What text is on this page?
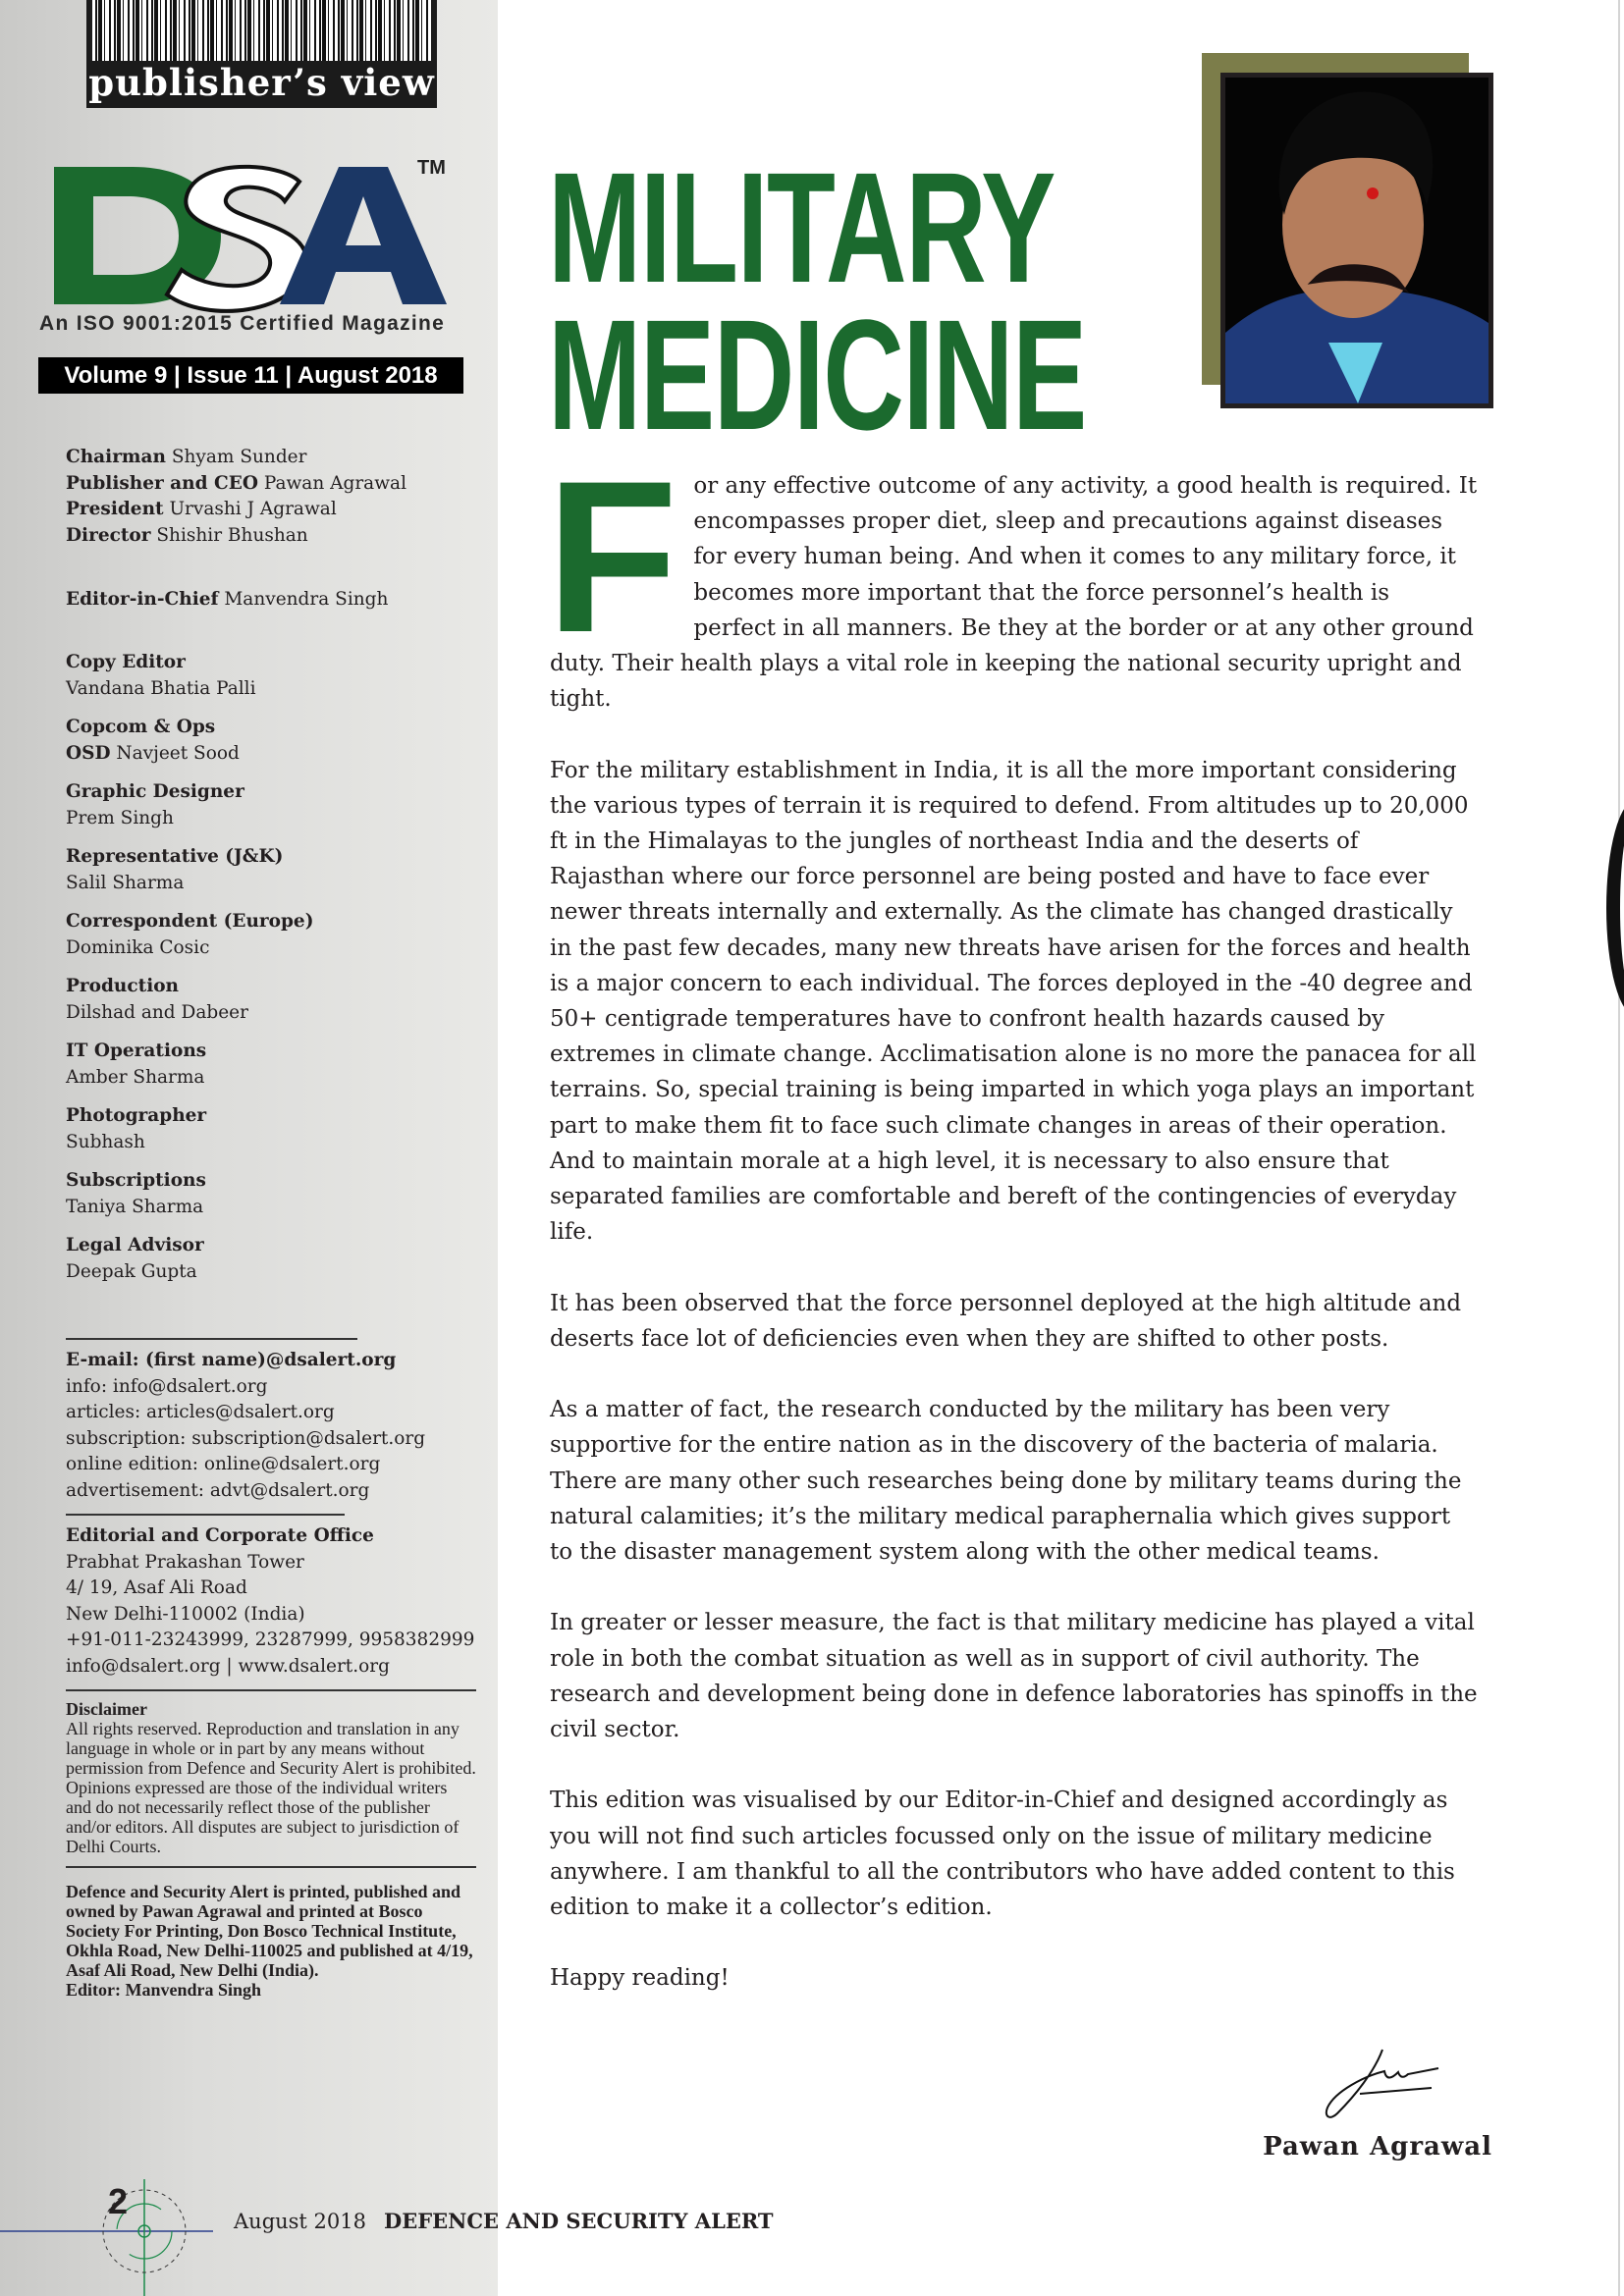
publisher’s view
TM
An ISO 9001:2015 Certified Magazine
Volume 9 | Issue 11 | August 2018
Chairman Shyam Sunder
Publisher and CEO Pawan Agrawal
President Urvashi J Agrawal
Director Shishir Bhushan
Editor-in-Chief Manvendra Singh
Copy Editor
Vandana Bhatia Palli
Copcom & Ops
OSD Navjeet Sood
Graphic Designer
Prem Singh
Representative (J&K)
Salil Sharma
Correspondent (Europe)
Dominika Cosic
Production
Dilshad and Dabeer
IT Operations
Amber Sharma
Photographer
Subhash
Subscriptions
Taniya Sharma
Legal Advisor
Deepak Gupta
E-mail: (first name)@dsalert.org
info: info@dsalert.org
articles: articles@dsalert.org
subscription: subscription@dsalert.org
online edition: online@dsalert.org
advertisement: advt@dsalert.org
Editorial and Corporate Office
Prabhat Prakashan Tower
4/ 19, Asaf Ali Road
New Delhi-110002 (India)
+91-011-23243999, 23287999, 9958382999
info@dsalert.org | www.dsalert.org
Disclaimer
All rights reserved. Reproduction and translation in any language in whole or in part by any means without permission from Defence and Security Alert is prohibited. Opinions expressed are those of the individual writers and do not necessarily reflect those of the publisher and/or editors. All disputes are subject to jurisdiction of Delhi Courts.
Defence and Security Alert is printed, published and owned by Pawan Agrawal and printed at Bosco Society For Printing, Don Bosco Technical Institute, Okhla Road, New Delhi-110025 and published at 4/19, Asaf Ali Road, New Delhi (India).
Editor: Manvendra Singh
MILITARY
MEDICINE

For any effective outcome of any activity, a good health is required. It encompasses proper diet, sleep and precautions against diseases for every human being. And when it comes to any military force, it becomes more important that the force personnel’s health is perfect in all manners. Be they at the border or at any other ground duty. Their health plays a vital role in keeping the national security upright and tight.

For the military establishment in India, it is all the more important considering the various types of terrain it is required to defend. From altitudes up to 20,000 ft in the Himalayas to the jungles of northeast India and the deserts of Rajasthan where our force personnel are being posted and have to face ever newer threats internally and externally. As the climate has changed drastically in the past few decades, many new threats have arisen for the forces and health is a major concern to each individual. The forces deployed in the -40 degree and 50+ centigrade temperatures have to confront health hazards caused by extremes in climate change. Acclimatisation alone is no more the panacea for all terrains. So, special training is being imparted in which yoga plays an important part to make them fit to face such climate changes in areas of their operation. And to maintain morale at a high level, it is necessary to also ensure that separated families are comfortable and bereft of the contingencies of everyday life.

It has been observed that the force personnel deployed at the high altitude and deserts face lot of deficiencies even when they are shifted to other posts.

As a matter of fact, the research conducted by the military has been very supportive for the entire nation as in the discovery of the bacteria of malaria. There are many other such researches being done by military teams during the natural calamities; it’s the military medical paraphernalia which gives support to the disaster management system along with the other medical teams.

In greater or lesser measure, the fact is that military medicine has played a vital role in both the combat situation as well as in support of civil authority. The research and development being done in defence laboratories has spinoffs in the civil sector.

This edition was visualised by our Editor-in-Chief and designed accordingly as you will not find such articles focussed only on the issue of military medicine anywhere. I am thankful to all the contributors who have added content to this edition to make it a collector’s edition.

Happy reading!

Pawan Agrawal
2	August 2018 DEFENCE AND SECURITY ALERT
